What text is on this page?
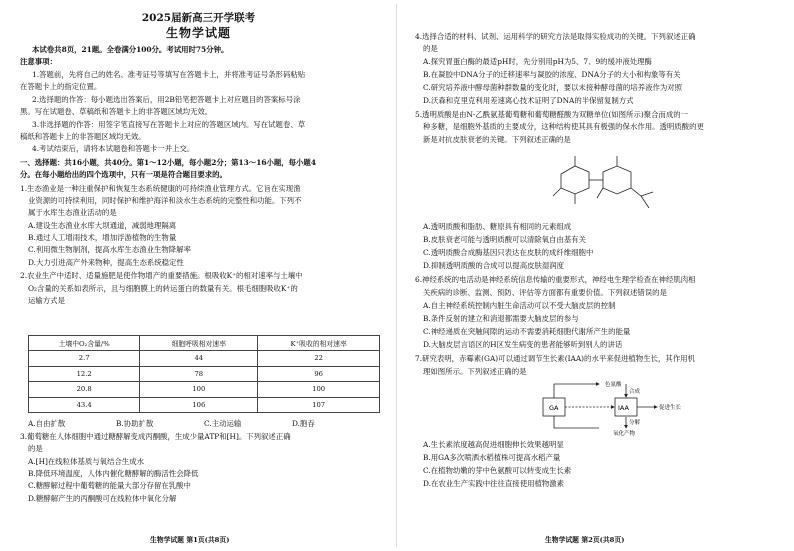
2025届新高三开学联考
生物学试题
本试卷共8页，21题。全卷满分100分。考试用时75分钟。
注意事项：
1.答题前，先将自己的姓名、准考证号等填写在答题卡上，并将准考证号条形码粘贴
在答题卡上的指定位置。
2.选择题的作答：每小题选出答案后，用2B铅笔把答题卡上对应题目的答案标号涂
黑。写在试题卷、草稿纸和答题卡上的非答题区域均无效。
3.非选择题的作答：用签字笔直接写在答题卡上对应的答题区域内。写在试题卷、草
稿纸和答题卡上的非答题区域均无效。
4.考试结束后，请将本试题卷和答题卡一并上交。
一、选择题：共16小题，共40分。第1～12小题，每小题2分；第13～16小题，每小题4
分。在每小题给出的四个选项中，只有一项是符合题目要求的。
1.生态渔业是一种注重保护和恢复生态系统健康的可持续渔业管理方式。它旨在实现渔
业资源的可持续利用，同时保护和维护海洋和淡水生态系统的完整性和功能。下列不
属于水库生态渔业活动的是
A.建设生态渔业水库大坝通道，减弱地理隔离
B.通过人工增雨技术，增加浮游植物的生物量
C.利用微生物制剂，提高水库生态渔业生物降解率
D.大力引进高产外来物种，提高生态系统稳定性
2.农业生产中适时、适量施肥是使作物增产的重要措施。根吸收K⁺的相对速率与土壤中
O₂含量的关系如表所示，且与细胞膜上的转运蛋白的数量有关。根毛细胞吸收K⁺的
运输方式是
土壤中O₂含量/%	细胞呼吸相对速率	K⁺吸收的相对速率
2.7	44	22
12.2	78	96
20.8	100	100
43.4	106	107
A.自由扩散	B.协助扩散	C.主动运输	D.胞吞
3.葡萄糖在人体细胞中通过糖酵解变成丙酮酸，生成少量ATP和[H]。下列叙述正确
的是
A.[H]在线粒体基质与氧结合生成水
B.降低环境温度，人体内催化糖酵解的酶活性会降低
C.糖酵解过程中葡萄糖的能量大部分存留在乳酸中
D.糖酵解产生的丙酮酸可在线粒体中氧化分解
生物学试题 第1页(共8页)
4.选择合适的材料、试剂、运用科学的研究方法是取得实验成功的关键。下列叙述正确
的是
A.探究胃蛋白酶的最适pH时，先分别用pH为5、7、9的缓冲液处理酶
B.在凝胶中DNA分子的迁移速率与凝胶的浓度、DNA分子的大小和构象等有关
C.研究培养液中酵母菌种群数量的变化时，要以未接种酵母菌的培养液作为对照
D.沃森和克里克利用差速离心技术证明了DNA的半保留复制方式
5.透明质酸是由N-乙酰氨基葡萄糖和葡萄糖醛酸为双糖单位(如图所示)聚合而成的一
种多糖，是细胞外基质的主要成分，这种结构使其具有极强的保水作用。透明质酸的更
新是对抗皮肤衰老的关键。下列叙述正确的是
A.透明质酸和脂肪、糖原具有相同的元素组成
B.皮肤衰老可能与透明质酸可以清除氧自由基有关
C.透明质酸合成酶基因只表达在皮肤的成纤维细胞中
D.抑制透明质酸的合成可以提高皮肤湿润度
6.神经系统的电活动是神经系统信息传输的重要形式，神经电生理学检查在神经肌肉相
关疾病的诊断、监测、预防、评估等方面都有重要价值。下列叙述错误的是
A.自主神经系统控制内脏生命活动可以不受大脑皮层的控制
B.条件反射的建立和消退都需要大脑皮层的参与
C.神经递质在突触间隙的运动不需要消耗细胞代谢所产生的能量
D.大脑皮层言语区的H区发生病变的患者能够听到别人的讲话
7.研究表明，赤霉素(GA)可以通过调节生长素(IAA)的水平来促进植物生长，其作用机
理如图所示。下列叙述正确的是
GA	IAA
色氨酸
合成
分解
促进生长
氧化产物
A.生长素浓度越高促进细胞伸长效果越明显
B.用GA多次喷洒水稻植株可提高水稻产量
C.在植物幼嫩的芽中色氨酸可以转变成生长素
D.在农业生产实践中往往直接使用植物激素
生物学试题 第2页(共8页)
